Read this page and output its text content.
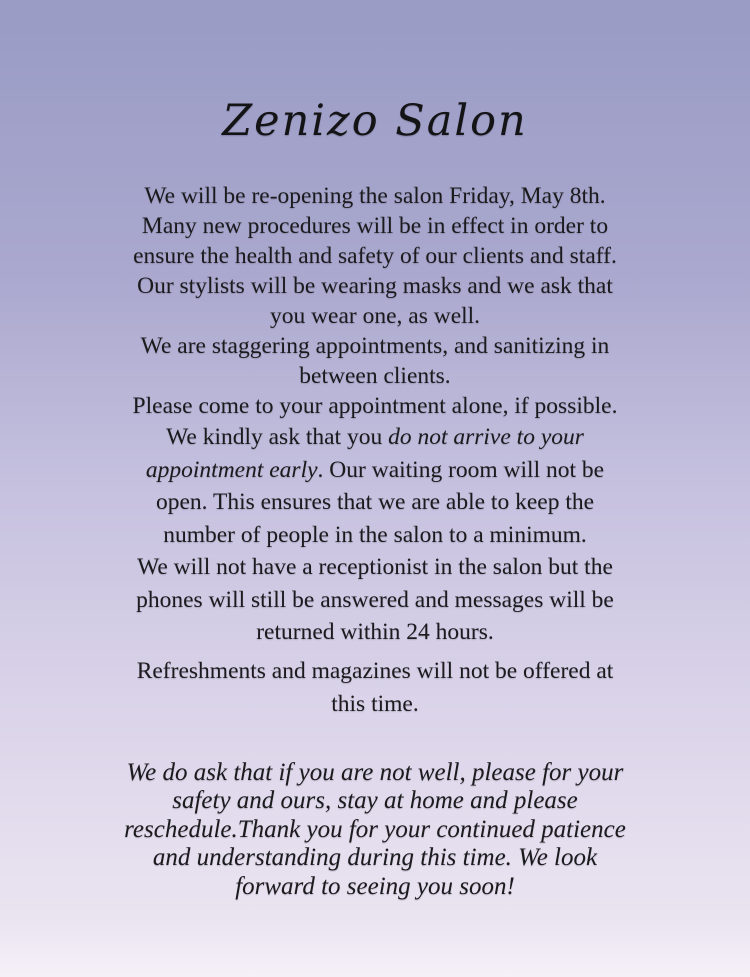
Zenizo Salon
We will be re-opening the salon Friday, May 8th.
Many new procedures will be in effect in order to
ensure the health and safety of our clients and staff.
Our stylists will be wearing masks and we ask that
you wear one, as well.
We are staggering appointments, and sanitizing in
between clients.
Please come to your appointment alone, if possible.
We kindly ask that you do not arrive to your
appointment early. Our waiting room will not be
open. This ensures that we are able to keep the
number of people in the salon to a minimum.
We will not have a receptionist in the salon but the
phones will still be answered and messages will be
returned within 24 hours.
Refreshments and magazines will not be offered at
this time.
We do ask that if you are not well, please for your
safety and ours, stay at home and please
reschedule.Thank you for your continued patience
and understanding during this time. We look
forward to seeing you soon!
